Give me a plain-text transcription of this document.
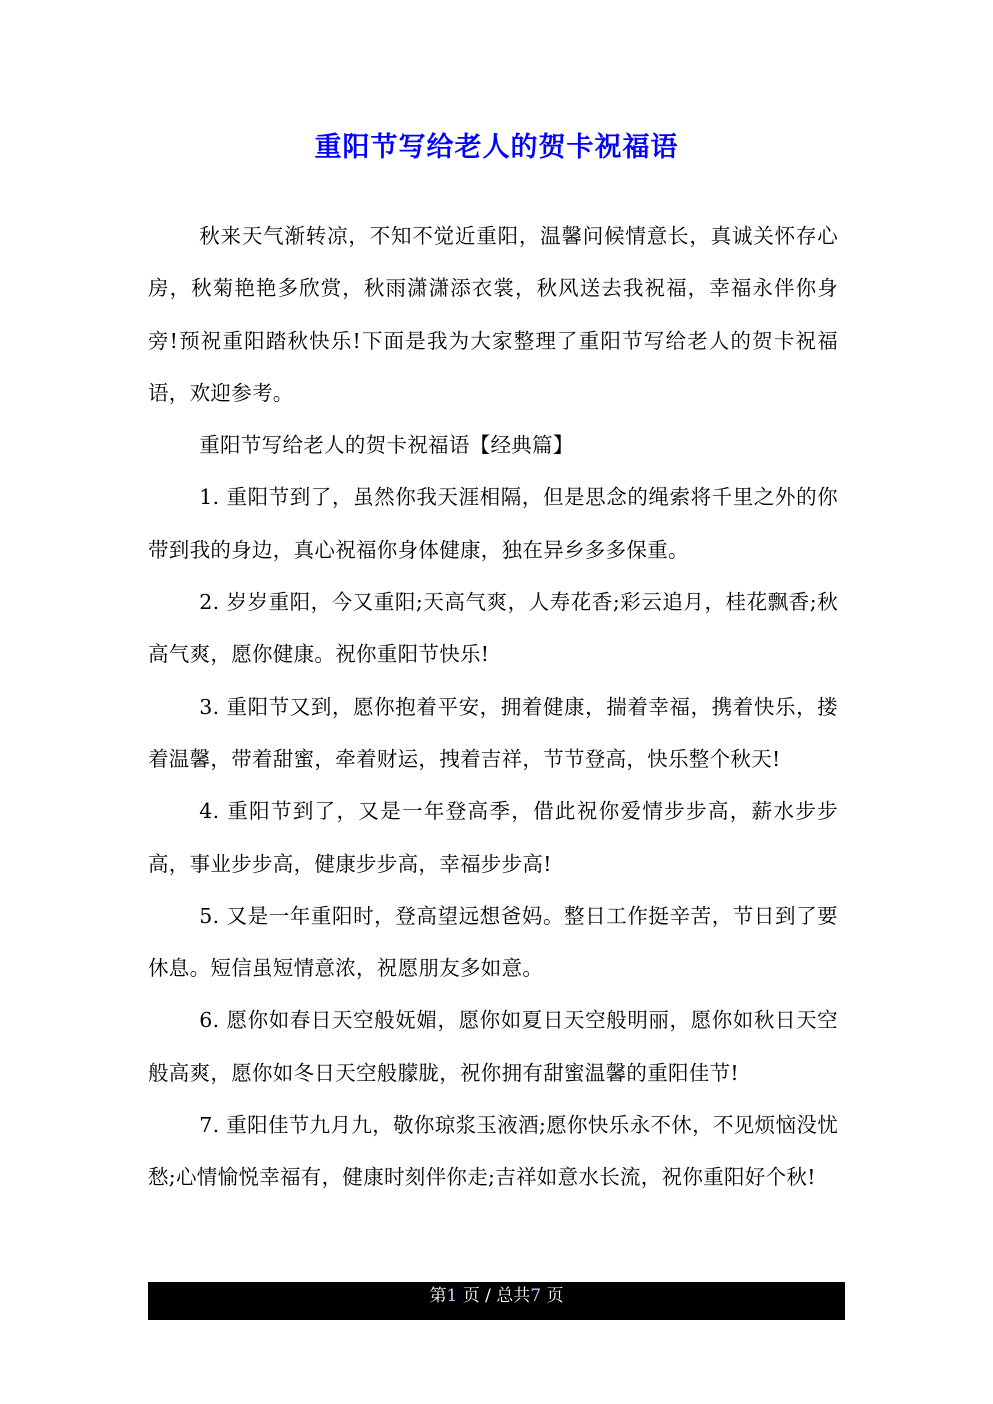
重阳节写给老人的贺卡祝福语

秋来天气渐转凉，不知不觉近重阳，温馨问候情意长，真诚关怀存心房，秋菊艳艳多欣赏，秋雨潇潇添衣裳，秋风送去我祝福，幸福永伴你身旁!预祝重阳踏秋快乐!下面是我为大家整理了重阳节写给老人的贺卡祝福语，欢迎参考。

重阳节写给老人的贺卡祝福语【经典篇】

1. 重阳节到了，虽然你我天涯相隔，但是思念的绳索将千里之外的你带到我的身边，真心祝福你身体健康，独在异乡多多保重。

2. 岁岁重阳，今又重阳;天高气爽，人寿花香;彩云追月，桂花飘香;秋高气爽，愿你健康。祝你重阳节快乐!

3. 重阳节又到，愿你抱着平安，拥着健康，揣着幸福，携着快乐，搂着温馨，带着甜蜜，牵着财运，拽着吉祥，节节登高，快乐整个秋天!

4. 重阳节到了，又是一年登高季，借此祝你爱情步步高，薪水步步高，事业步步高，健康步步高，幸福步步高!

5. 又是一年重阳时，登高望远想爸妈。整日工作挺辛苦，节日到了要休息。短信虽短情意浓，祝愿朋友多如意。

6. 愿你如春日天空般妩媚，愿你如夏日天空般明丽，愿你如秋日天空般高爽，愿你如冬日天空般朦胧，祝你拥有甜蜜温馨的重阳佳节!

7. 重阳佳节九月九，敬你琼浆玉液酒;愿你快乐永不休，不见烦恼没忧愁;心情愉悦幸福有，健康时刻伴你走;吉祥如意水长流，祝你重阳好个秋!

第1 页 / 总共7 页
